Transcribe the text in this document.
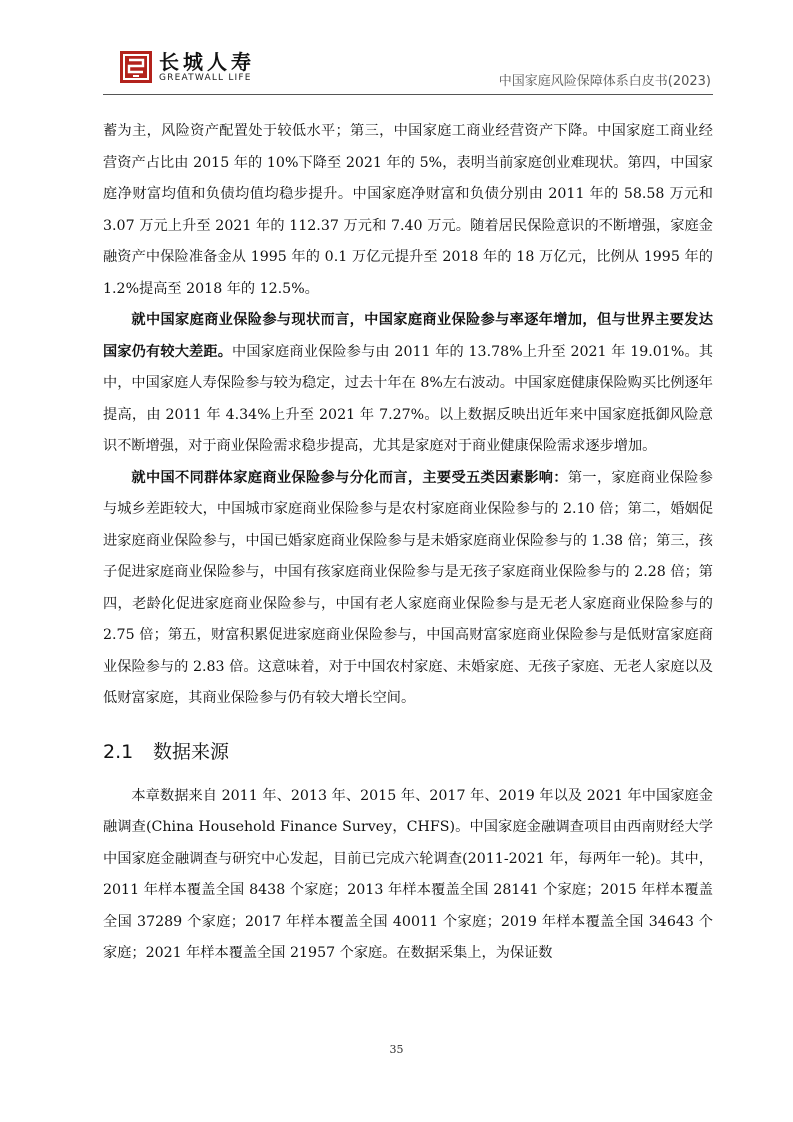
长城人寿
GREATWALL LIFE	中国家庭风险保障体系白皮书(2023)

蓄为主，风险资产配置处于较低水平；第三，中国家庭工商业经营资产下降。中国家庭工商业经营资产占比由 2015 年的 10%下降至 2021 年的 5%，表明当前家庭创业难现状。第四，中国家庭净财富均值和负债均值均稳步提升。中国家庭净财富和负债分别由 2011 年的 58.58 万元和 3.07 万元上升至 2021 年的 112.37 万元和 7.40 万元。随着居民保险意识的不断增强，家庭金融资产中保险准备金从 1995 年的 0.1 万亿元提升至 2018 年的 18 万亿元，比例从 1995 年的 1.2%提高至 2018 年的 12.5%。

就中国家庭商业保险参与现状而言，中国家庭商业保险参与率逐年增加，但与世界主要发达国家仍有较大差距。中国家庭商业保险参与由 2011 年的 13.78%上升至 2021 年 19.01%。其中，中国家庭人寿保险参与较为稳定，过去十年在 8%左右波动。中国家庭健康保险购买比例逐年提高，由 2011 年 4.34%上升至 2021 年 7.27%。以上数据反映出近年来中国家庭抵御风险意识不断增强，对于商业保险需求稳步提高，尤其是家庭对于商业健康保险需求逐步增加。

就中国不同群体家庭商业保险参与分化而言，主要受五类因素影响：第一，家庭商业保险参与城乡差距较大，中国城市家庭商业保险参与是农村家庭商业保险参与的 2.10 倍；第二，婚姻促进家庭商业保险参与，中国已婚家庭商业保险参与是未婚家庭商业保险参与的 1.38 倍；第三，孩子促进家庭商业保险参与，中国有孩家庭商业保险参与是无孩子家庭商业保险参与的 2.28 倍；第四，老龄化促进家庭商业保险参与，中国有老人家庭商业保险参与是无老人家庭商业保险参与的 2.75 倍；第五，财富积累促进家庭商业保险参与，中国高财富家庭商业保险参与是低财富家庭商业保险参与的 2.83 倍。这意味着，对于中国农村家庭、未婚家庭、无孩子家庭、无老人家庭以及低财富家庭，其商业保险参与仍有较大增长空间。

2.1 数据来源

本章数据来自 2011 年、2013 年、2015 年、2017 年、2019 年以及 2021 年中国家庭金融调查(China Household Finance Survey，CHFS)。中国家庭金融调查项目由西南财经大学中国家庭金融调查与研究中心发起，目前已完成六轮调查(2011-2021 年，每两年一轮)。其中，2011 年样本覆盖全国 8438 个家庭；2013 年样本覆盖全国 28141 个家庭；2015 年样本覆盖全国 37289 个家庭；2017 年样本覆盖全国 40011 个家庭；2019 年样本覆盖全国 34643 个家庭；2021 年样本覆盖全国 21957 个家庭。在数据采集上，为保证数

35
